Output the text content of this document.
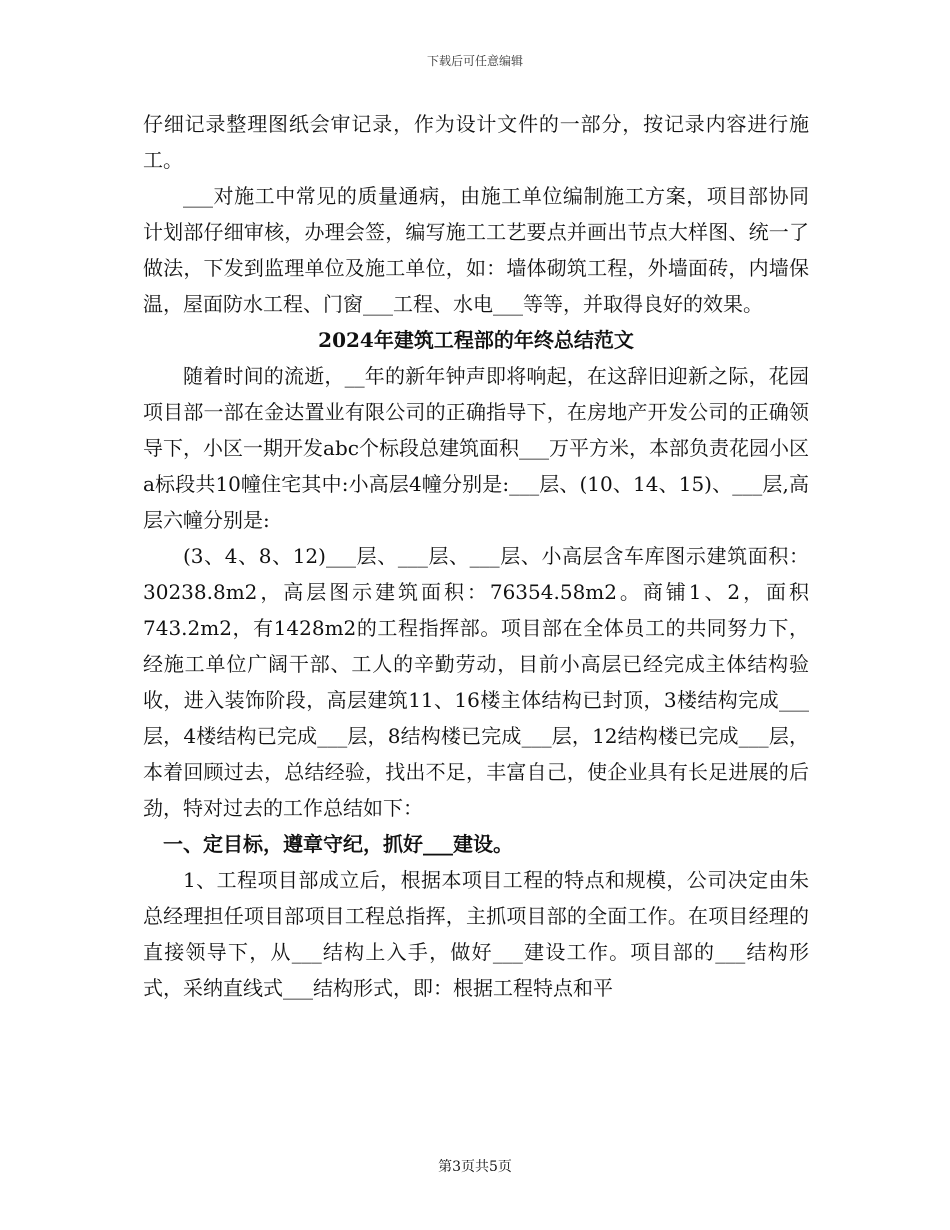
下载后可任意编辑

仔细记录整理图纸会审记录，作为设计文件的一部分，按记录内容进行施工。

___对施工中常见的质量通病，由施工单位编制施工方案，项目部协同计划部仔细审核，办理会签，编写施工工艺要点并画出节点大样图、统一了做法，下发到监理单位及施工单位，如：墙体砌筑工程，外墙面砖，内墙保温，屋面防水工程、门窗___工程、水电___等等，并取得良好的效果。

2024年建筑工程部的年终总结范文

随着时间的流逝，__年的新年钟声即将响起，在这辞旧迎新之际，花园项目部一部在金达置业有限公司的正确指导下，在房地产开发公司的正确领导下，小区一期开发abc个标段总建筑面积___万平方米，本部负责花园小区a标段共10幢住宅其中:小高层4幢分别是:___层、(10、14、15)、___层,高层六幢分别是:

(3、4、8、12)___层、___层、___层、小高层含车库图示建筑面积：30238.8m2，高层图示建筑面积：76354.58m2。商铺1、2，面积743.2m2，有1428m2的工程指挥部。项目部在全体员工的共同努力下，经施工单位广阔干部、工人的辛勤劳动，目前小高层已经完成主体结构验收，进入装饰阶段，高层建筑11、16楼主体结构已封顶，3楼结构完成___层，4楼结构已完成___层，8结构楼已完成___层，12结构楼已完成___层，本着回顾过去，总结经验，找出不足，丰富自己，使企业具有长足进展的后劲，特对过去的工作总结如下：

一、定目标，遵章守纪，抓好___建设。

1、工程项目部成立后，根据本项目工程的特点和规模，公司决定由朱总经理担任项目部项目工程总指挥，主抓项目部的全面工作。在项目经理的直接领导下，从___结构上入手，做好___建设工作。项目部的___结构形式，采纳直线式___结构形式，即：根据工程特点和平

第3页共5页
